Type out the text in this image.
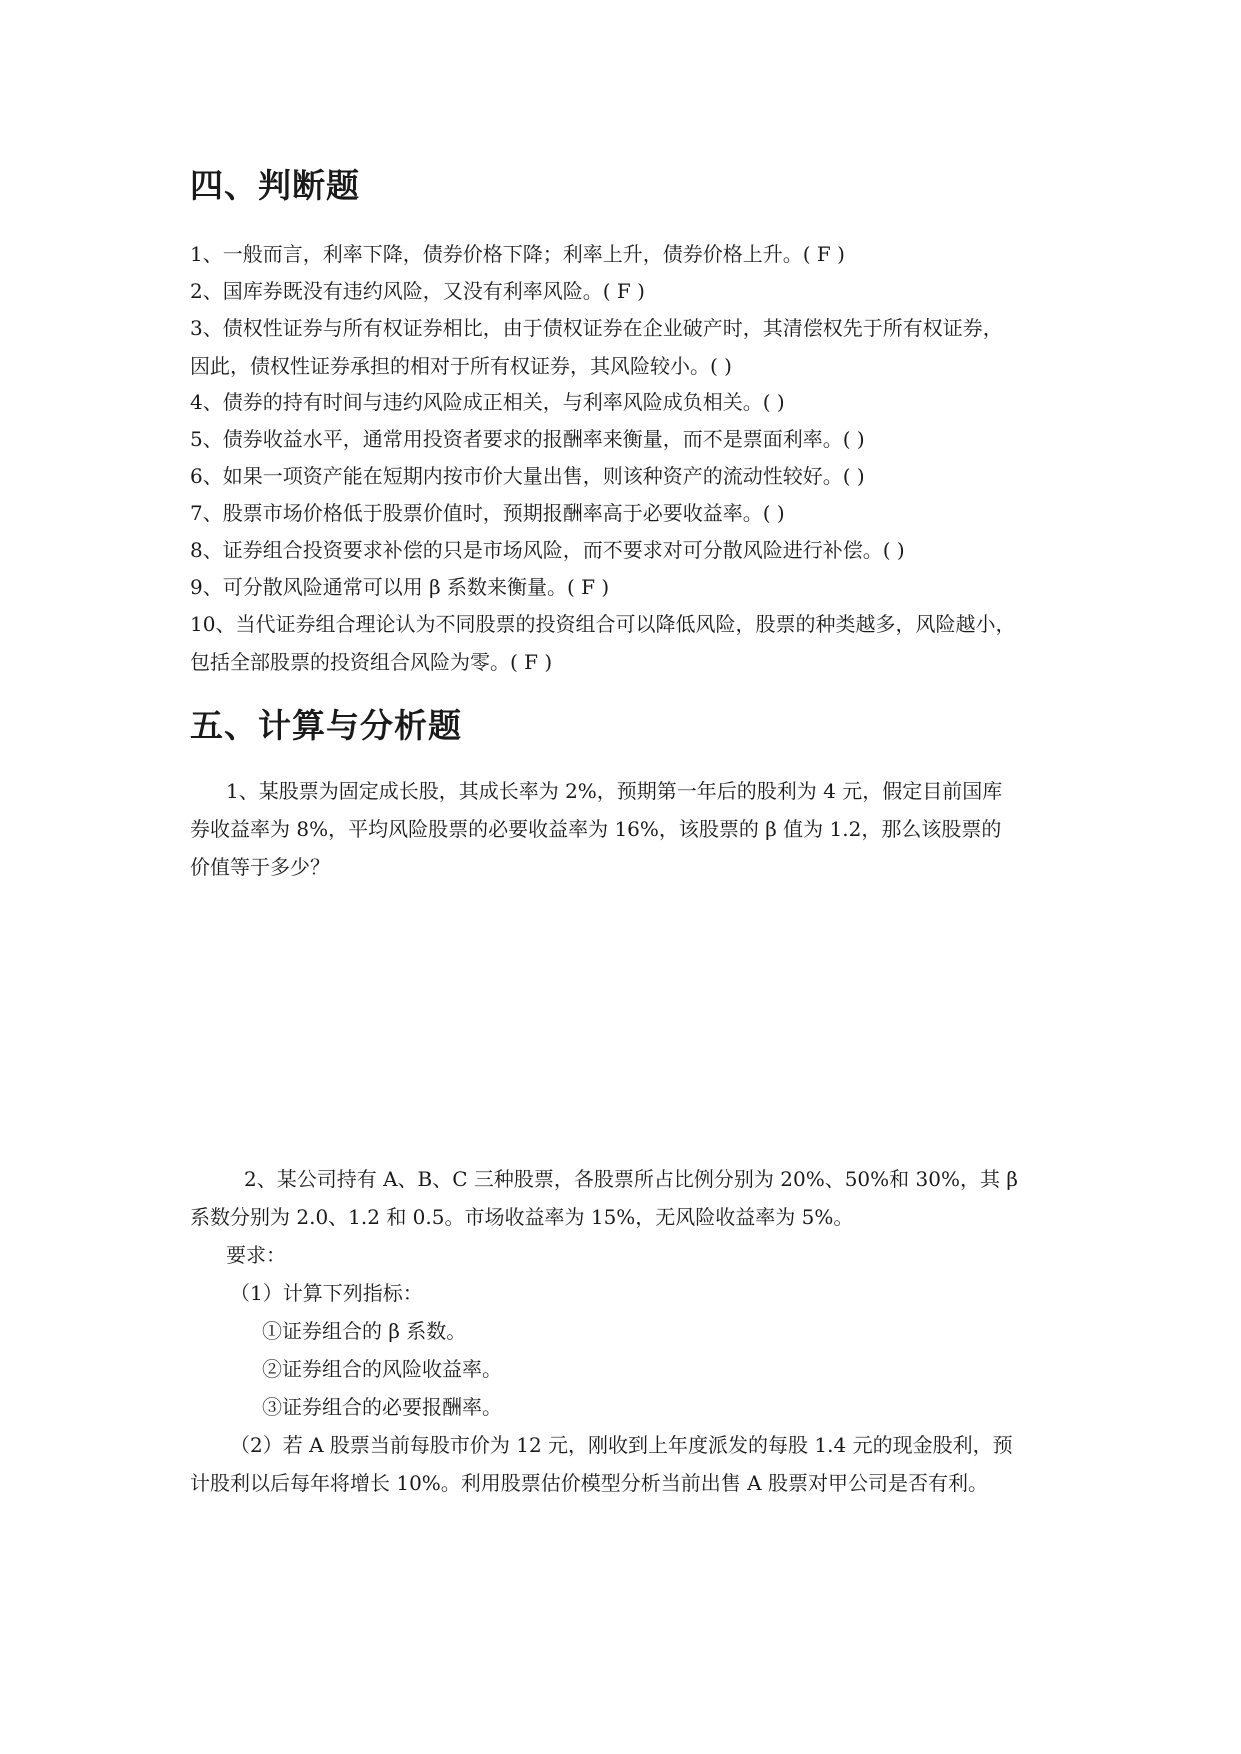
四、判断题
1、一般而言，利率下降，债券价格下降；利率上升，债券价格上升。( F )
2、国库券既没有违约风险，又没有利率风险。( F )
3、债权性证券与所有权证券相比，由于债权证券在企业破产时，其清偿权先于所有权证券，
因此，债权性证券承担的相对于所有权证券，其风险较小。( )
4、债券的持有时间与违约风险成正相关，与利率风险成负相关。( )
5、债券收益水平，通常用投资者要求的报酬率来衡量，而不是票面利率。( )
6、如果一项资产能在短期内按市价大量出售，则该种资产的流动性较好。( )
7、股票市场价格低于股票价值时，预期报酬率高于必要收益率。( )
8、证券组合投资要求补偿的只是市场风险，而不要求对可分散风险进行补偿。( )
9、可分散风险通常可以用 β 系数来衡量。( F )
10、当代证券组合理论认为不同股票的投资组合可以降低风险，股票的种类越多，风险越小，
包括全部股票的投资组合风险为零。( F )
五、计算与分析题
1、某股票为固定成长股，其成长率为 2%，预期第一年后的股利为 4 元，假定目前国库
券收益率为 8%，平均风险股票的必要收益率为 16%，该股票的 β 值为 1.2，那么该股票的
价值等于多少？
2、某公司持有 A、B、C 三种股票，各股票所占比例分别为 20%、50%和 30%，其 β
系数分别为 2.0、1.2 和 0.5。市场收益率为 15%，无风险收益率为 5%。
要求：
（1）计算下列指标：
①证券组合的 β 系数。
②证券组合的风险收益率。
③证券组合的必要报酬率。
（2）若 A 股票当前每股市价为 12 元，刚收到上年度派发的每股 1.4 元的现金股利，预
计股利以后每年将增长 10%。利用股票估价模型分析当前出售 A 股票对甲公司是否有利。
